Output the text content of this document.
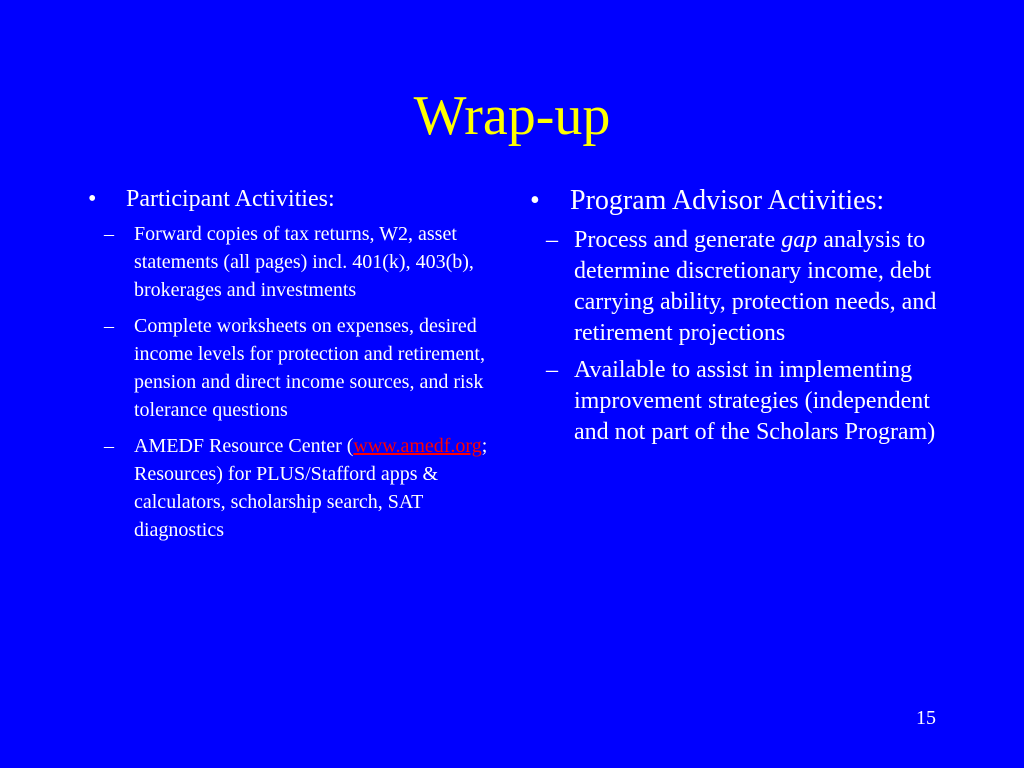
Wrap-up
• Participant Activities:
– Forward copies of tax returns, W2, asset statements (all pages) incl. 401(k), 403(b), brokerages and investments
– Complete worksheets on expenses, desired income levels for protection and retirement, pension and direct income sources, and risk tolerance questions
– AMEDF Resource Center (www.amedf.org; Resources) for PLUS/Stafford apps & calculators, scholarship search, SAT diagnostics
• Program Advisor Activities:
– Process and generate gap analysis to determine discretionary income, debt carrying ability, protection needs, and retirement projections
– Available to assist in implementing improvement strategies (independent and not part of the Scholars Program)
15
